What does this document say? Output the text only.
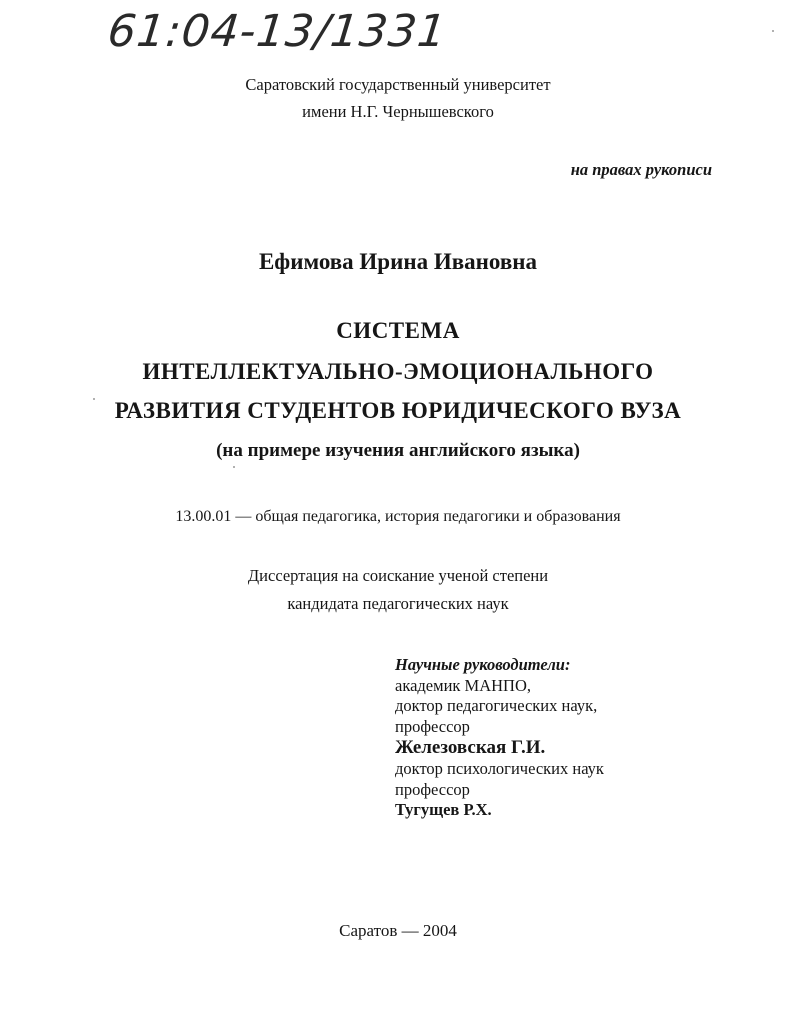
61:04-13/1331
Саратовский государственный университет
имени Н.Г. Чернышевского
на правах рукописи
Ефимова Ирина Ивановна
СИСТЕМА
ИНТЕЛЛЕКТУАЛЬНО-ЭМОЦИОНАЛЬНОГО
РАЗВИТИЯ СТУДЕНТОВ ЮРИДИЧЕСКОГО ВУЗА
(на примере изучения английского языка)
13.00.01 — общая педагогика, история педагогики и образования
Диссертация на соискание ученой степени
кандидата педагогических наук
Научные руководители:
академик МАНПО,
доктор педагогических наук,
профессор
Железовская Г.И.
доктор психологических наук
профессор
Тугущев Р.Х.
Саратов — 2004
